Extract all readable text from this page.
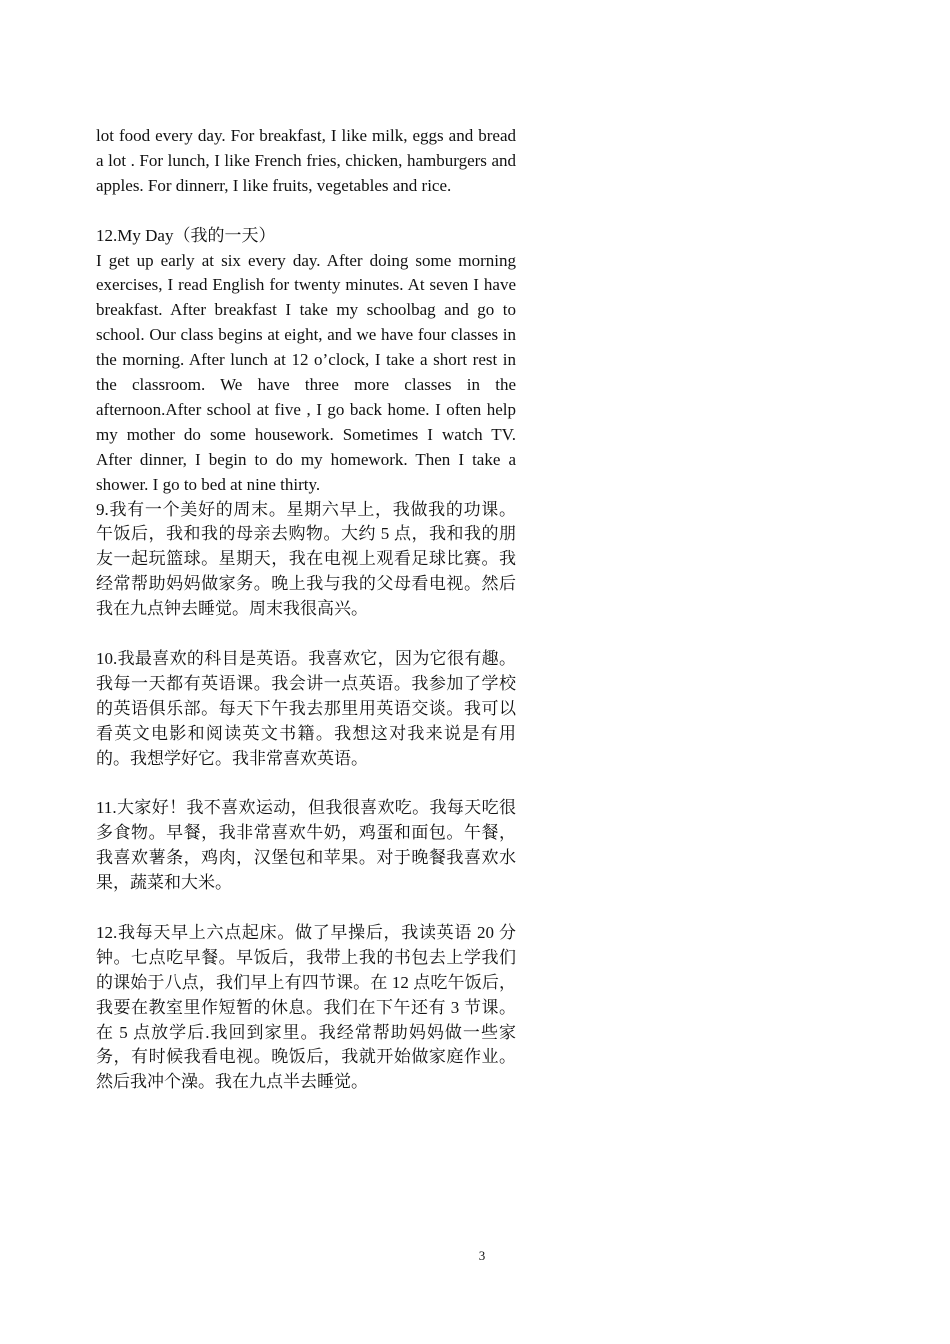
lot food every day. For breakfast, I like milk, eggs and bread a lot . For lunch, I like French fries, chicken, hamburgers and apples. For dinnerr, I like fruits, vegetables and rice.

12.My Day（我的一天）

I get up early at six every day. After doing some morning exercises, I read English for twenty minutes. At seven I have breakfast. After breakfast I take my schoolbag and go to school. Our class begins at eight, and we have four classes in the morning. After lunch at 12 o’clock, I take a short rest in the classroom. We have three more classes in the afternoon.After school at five , I go back home. I often help my mother do some housework. Sometimes I watch TV. After dinner, I begin to do my homework. Then I take a shower. I go to bed at nine thirty.

9.我有一个美好的周末。星期六早上，我做我的功课。午饭后，我和我的母亲去购物。大约 5 点，我和我的朋友一起玩篮球。星期天，我在电视上观看足球比赛。我经常帮助妈妈做家务。晚上我与我的父母看电视。然后我在九点钟去睡觉。周末我很高兴。

10.我最喜欢的科目是英语。我喜欢它，因为它很有趣。我每一天都有英语课。我会讲一点英语。我参加了学校的英语俱乐部。每天下午我去那里用英语交谈。我可以看英文电影和阅读英文书籍。我想这对我来说是有用的。我想学好它。我非常喜欢英语。

11.大家好！我不喜欢运动，但我很喜欢吃。我每天吃很多食物。早餐，我非常喜欢牛奶，鸡蛋和面包。午餐，我喜欢薯条，鸡肉，汉堡包和苹果。对于晚餐我喜欢水果，蔬菜和大米。

12.我每天早上六点起床。做了早操后，我读英语 20 分钟。七点吃早餐。早饭后，我带上我的书包去上学我们的课始于八点，我们早上有四节课。在 12 点吃午饭后，我要在教室里作短暂的休息。我们在下午还有 3 节课。在 5 点放学后.我回到家里。我经常帮助妈妈做一些家务，有时候我看电视。晚饭后，我就开始做家庭作业。然后我冲个澡。我在九点半去睡觉。

3
